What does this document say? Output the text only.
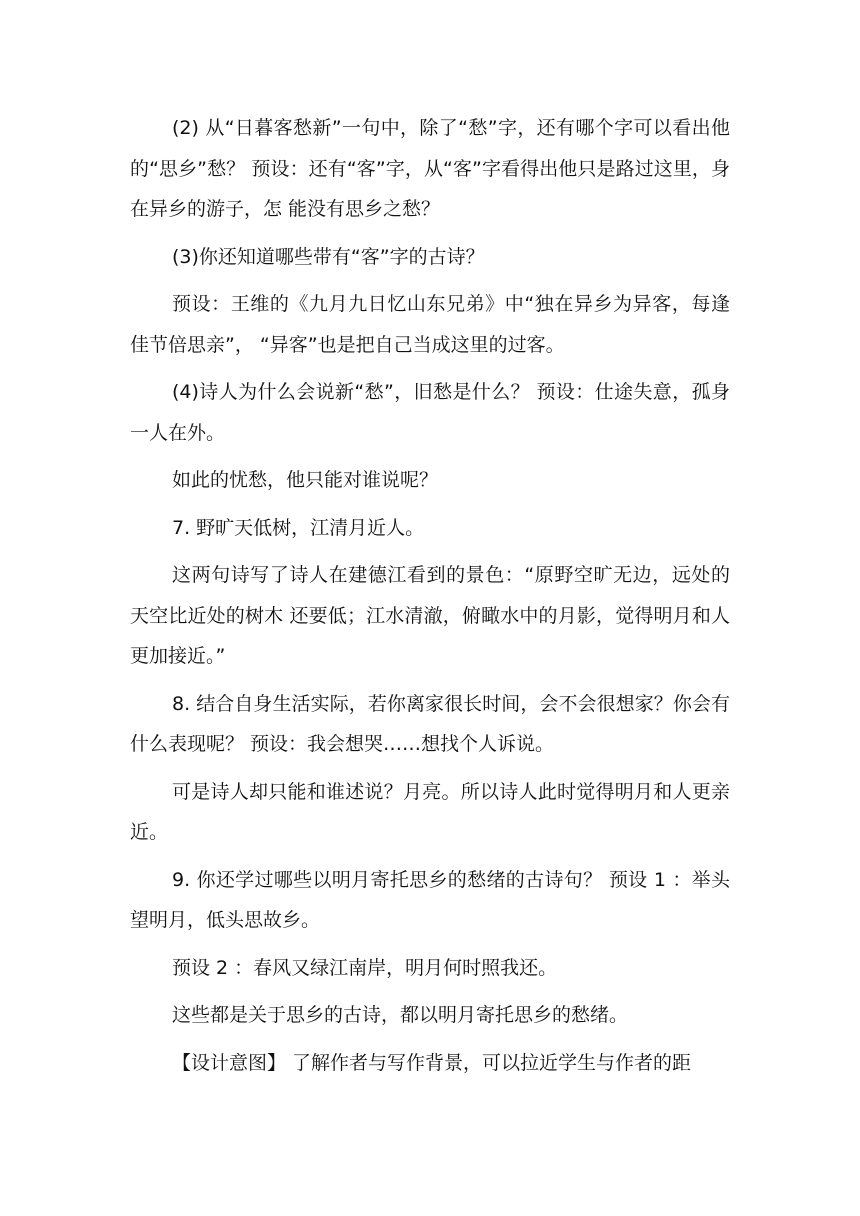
(2) 从“日暮客愁新”一句中，除了“愁”字，还有哪个字可以看出他的“思乡”愁？ 预设：还有“客”字，从“客”字看得出他只是路过这里，身在异乡的游子，怎 能没有思乡之愁？

(3)你还知道哪些带有“客”字的古诗？

预设：王维的《九月九日忆山东兄弟》中“独在异乡为异客，每逢佳节倍思亲”， “异客”也是把自己当成这里的过客。

(4)诗人为什么会说新“愁”，旧愁是什么？ 预设：仕途失意，孤身一人在外。

如此的忧愁，他只能对谁说呢？

7. 野旷天低树，江清月近人。

这两句诗写了诗人在建德江看到的景色：“原野空旷无边，远处的天空比近处的树木 还要低；江水清澈，俯瞰水中的月影，觉得明月和人更加接近。”

8. 结合自身生活实际，若你离家很长时间，会不会很想家？你会有什么表现呢？ 预设：我会想哭……想找个人诉说。

可是诗人却只能和谁述说？月亮。所以诗人此时觉得明月和人更亲近。

9. 你还学过哪些以明月寄托思乡的愁绪的古诗句？ 预设 1 ：举头望明月，低头思故乡。

预设 2 ：春风又绿江南岸，明月何时照我还。

这些都是关于思乡的古诗，都以明月寄托思乡的愁绪。

【设计意图】 了解作者与写作背景，可以拉近学生与作者的距
